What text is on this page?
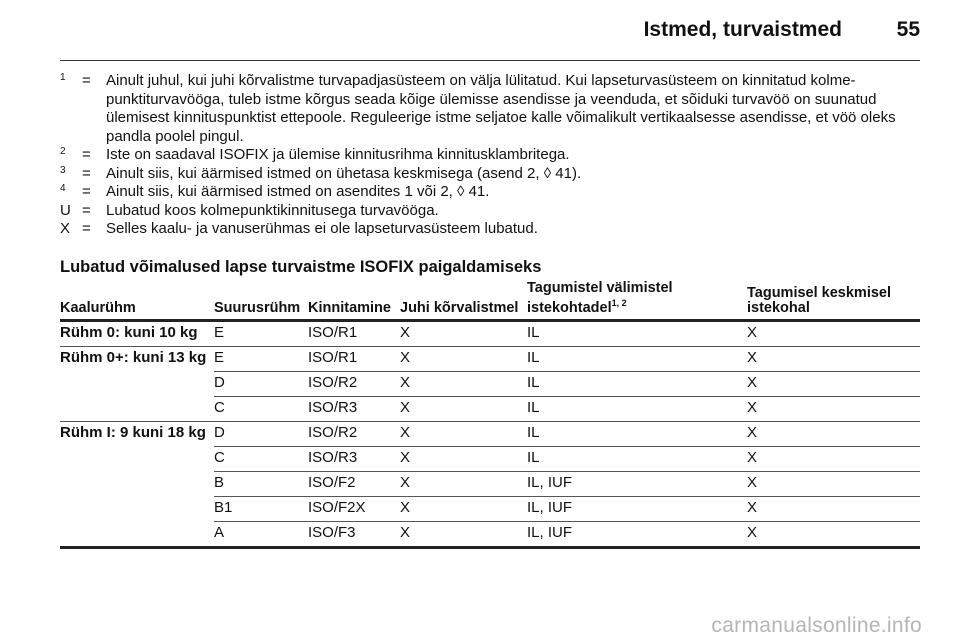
Istmed, turvaistmed	55
1	=	Ainult juhul, kui juhi kõrvalistme turvapadjasüsteem on välja lülitatud. Kui lapseturvasüsteem on kinnitatud kolme-punktiturvavööga, tuleb istme kõrgus seada kõige ülemisse asendisse ja veenduda, et sõiduki turvavöö on suunatud ülemisest kinnituspunktist ettepoole. Reguleerige istme seljatoe kalle võimalikult vertikaalsesse asendisse, et vöö oleks pandla poolel pingul.
2	=	Iste on saadaval ISOFIX ja ülemise kinnitusrihma kinnitusklambritega.
3	=	Ainult siis, kui äärmised istmed on ühetasa keskmisega (asend 2, ◊ 41).
4	=	Ainult siis, kui äärmised istmed on asendites 1 või 2, ◊ 41.
U =	Lubatud koos kolmepunktikinnitusega turvavööga.
X =	Selles kaalu- ja vanuserühmas ei ole lapseturvasüsteem lubatud.
Lubatud võimalused lapse turvaistme ISOFIX paigaldamiseks
Kaalurühm	Suurusrühm	Kinnitamine	Juhi kõrvalistmel	Tagumistel välimistel
istekohtadel$^{1, 2}$	Tagumisel keskmisel
istekohal
Rühm 0: kuni 10 kg	E	ISO/R1	X	IL	X
Rühm 0+: kuni 13 kg	E	ISO/R1	X	IL	X
	D	ISO/R2	X	IL	X
	C	ISO/R3	X	IL	X
Rühm I: 9 kuni 18 kg	D	ISO/R2	X	IL	X
	C	ISO/R3	X	IL	X
	B	ISO/F2	X	IL, IUF	X
	B1	ISO/F2X	X	IL, IUF	X
	A	ISO/F3	X	IL, IUF	X
carmanualsonline.info
